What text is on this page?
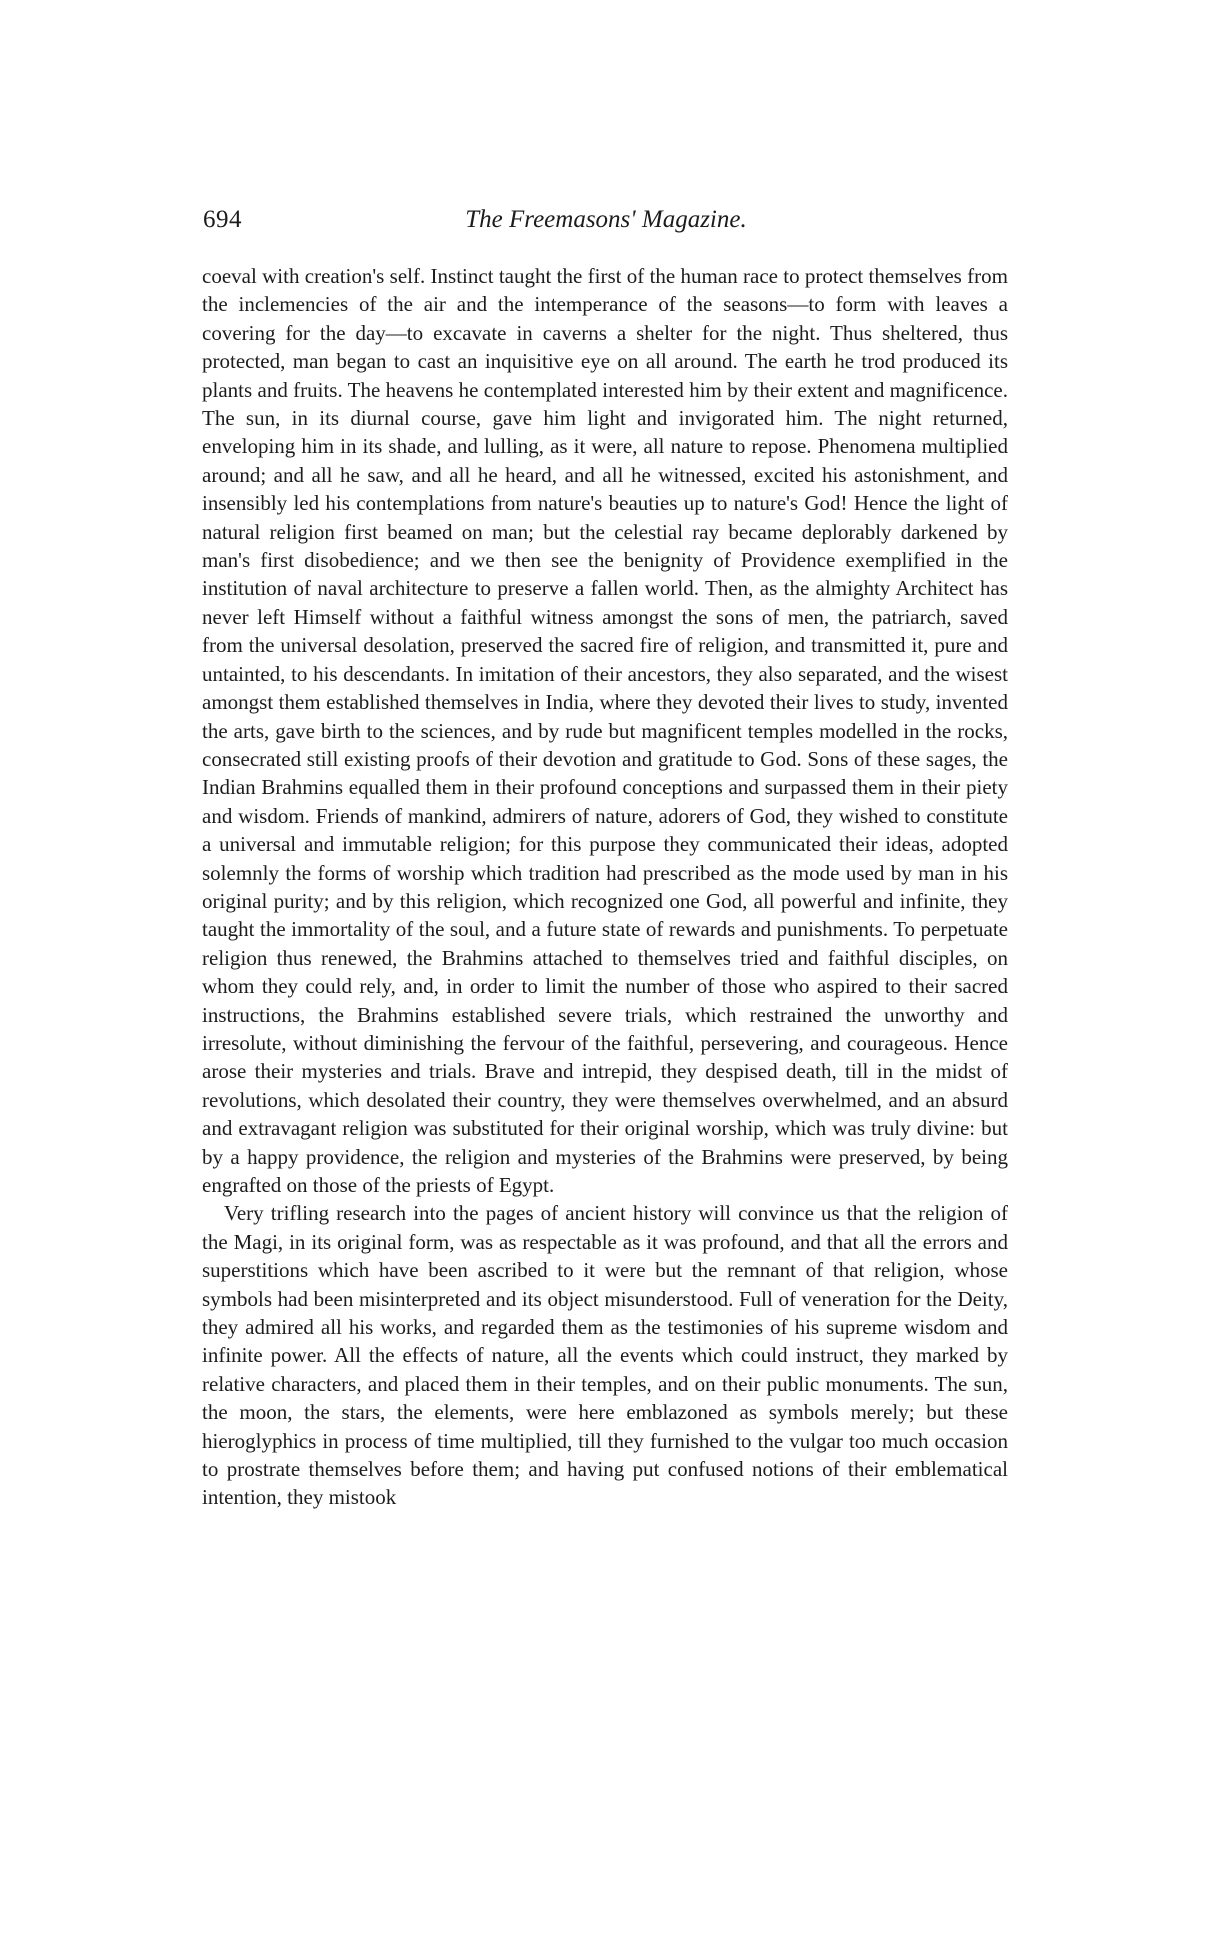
694	The Freemasons' Magazine.

coeval with creation's self. Instinct taught the first of the human race to protect themselves from the inclemencies of the air and the intemperance of the seasons—to form with leaves a covering for the day—to excavate in caverns a shelter for the night. Thus sheltered, thus protected, man began to cast an inquisitive eye on all around. The earth he trod produced its plants and fruits. The heavens he contemplated interested him by their extent and magnificence. The sun, in its diurnal course, gave him light and invigorated him. The night returned, enveloping him in its shade, and lulling, as it were, all nature to repose. Phenomena multiplied around; and all he saw, and all he heard, and all he witnessed, excited his astonishment, and insensibly led his contemplations from nature's beauties up to nature's God! Hence the light of natural religion first beamed on man; but the celestial ray became deplorably darkened by man's first disobedience; and we then see the benignity of Providence exemplified in the institution of naval architecture to preserve a fallen world. Then, as the almighty Architect has never left Himself without a faithful witness amongst the sons of men, the patriarch, saved from the universal desolation, preserved the sacred fire of religion, and transmitted it, pure and untainted, to his descendants. In imitation of their ancestors, they also separated, and the wisest amongst them established themselves in India, where they devoted their lives to study, invented the arts, gave birth to the sciences, and by rude but magnificent temples modelled in the rocks, consecrated still existing proofs of their devotion and gratitude to God. Sons of these sages, the Indian Brahmins equalled them in their profound conceptions and surpassed them in their piety and wisdom. Friends of mankind, admirers of nature, adorers of God, they wished to constitute a universal and immutable religion; for this purpose they communicated their ideas, adopted solemnly the forms of worship which tradition had prescribed as the mode used by man in his original purity; and by this religion, which recognized one God, all powerful and infinite, they taught the immortality of the soul, and a future state of rewards and punishments. To perpetuate religion thus renewed, the Brahmins attached to themselves tried and faithful disciples, on whom they could rely, and, in order to limit the number of those who aspired to their sacred instructions, the Brahmins established severe trials, which restrained the unworthy and irresolute, without diminishing the fervour of the faithful, persevering, and courageous. Hence arose their mysteries and trials. Brave and intrepid, they despised death, till in the midst of revolutions, which desolated their country, they were themselves overwhelmed, and an absurd and extravagant religion was substituted for their original worship, which was truly divine: but by a happy providence, the religion and mysteries of the Brahmins were preserved, by being engrafted on those of the priests of Egypt.

Very trifling research into the pages of ancient history will convince us that the religion of the Magi, in its original form, was as respectable as it was profound, and that all the errors and superstitions which have been ascribed to it were but the remnant of that religion, whose symbols had been misinterpreted and its object misunderstood. Full of veneration for the Deity, they admired all his works, and regarded them as the testimonies of his supreme wisdom and infinite power. All the effects of nature, all the events which could instruct, they marked by relative characters, and placed them in their temples, and on their public monuments. The sun, the moon, the stars, the elements, were here emblazoned as symbols merely; but these hieroglyphics in process of time multiplied, till they furnished to the vulgar too much occasion to prostrate themselves before them; and having put confused notions of their emblematical intention, they mistook
